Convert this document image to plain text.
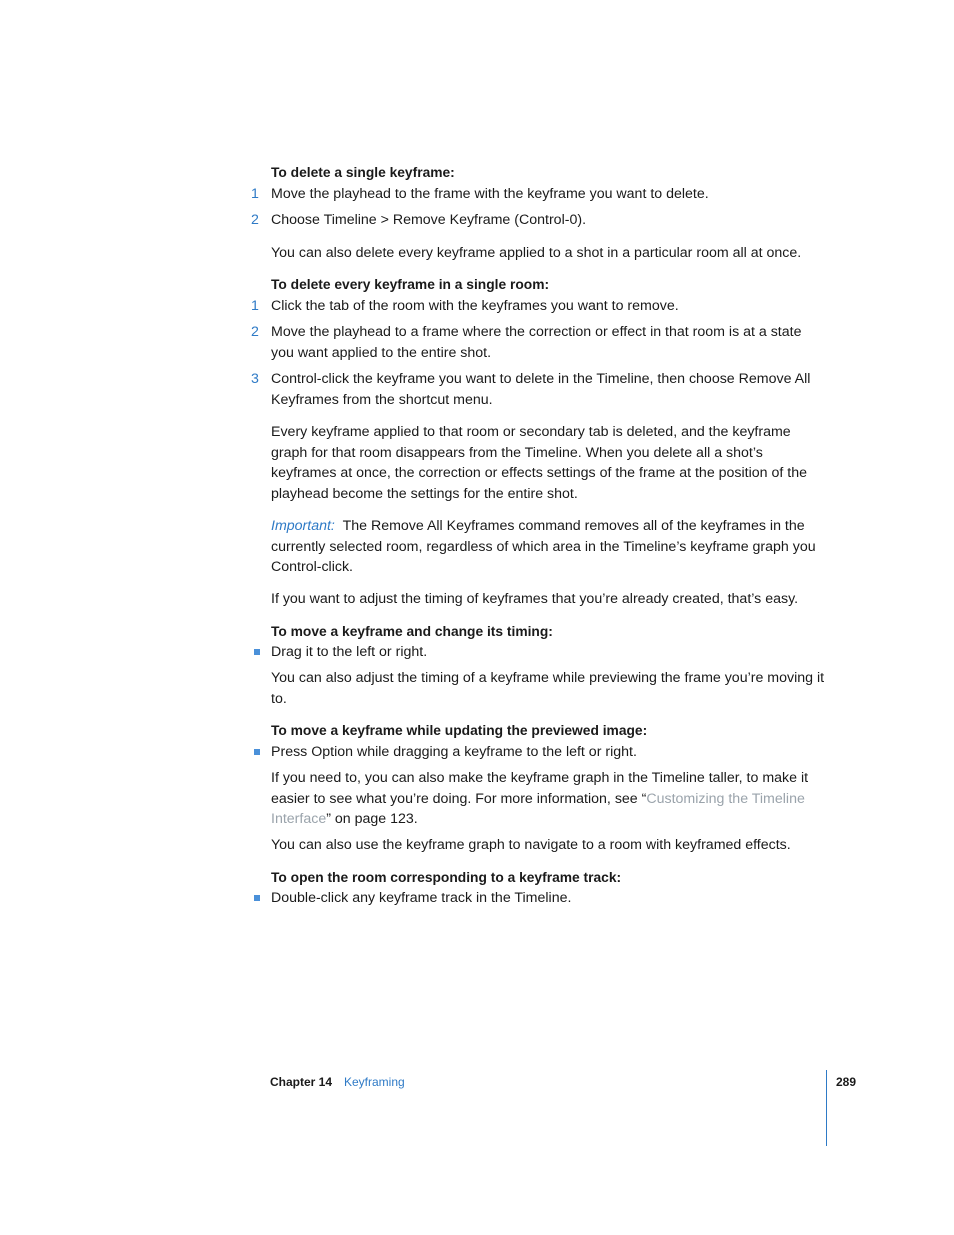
To delete a single keyframe:
1 Move the playhead to the frame with the keyframe you want to delete.
2 Choose Timeline > Remove Keyframe (Control-0).
You can also delete every keyframe applied to a shot in a particular room all at once.
To delete every keyframe in a single room:
1 Click the tab of the room with the keyframes you want to remove.
2 Move the playhead to a frame where the correction or effect in that room is at a state you want applied to the entire shot.
3 Control-click the keyframe you want to delete in the Timeline, then choose Remove All Keyframes from the shortcut menu.
Every keyframe applied to that room or secondary tab is deleted, and the keyframe graph for that room disappears from the Timeline. When you delete all a shot’s keyframes at once, the correction or effects settings of the frame at the position of the playhead become the settings for the entire shot.
Important: The Remove All Keyframes command removes all of the keyframes in the currently selected room, regardless of which area in the Timeline’s keyframe graph you Control-click.
If you want to adjust the timing of keyframes that you’re already created, that’s easy.
To move a keyframe and change its timing:
Drag it to the left or right.
You can also adjust the timing of a keyframe while previewing the frame you’re moving it to.
To move a keyframe while updating the previewed image:
Press Option while dragging a keyframe to the left or right.
If you need to, you can also make the keyframe graph in the Timeline taller, to make it easier to see what you’re doing. For more information, see “Customizing the Timeline Interface” on page 123.
You can also use the keyframe graph to navigate to a room with keyframed effects.
To open the room corresponding to a keyframe track:
Double-click any keyframe track in the Timeline.
Chapter 14 Keyframing	289
